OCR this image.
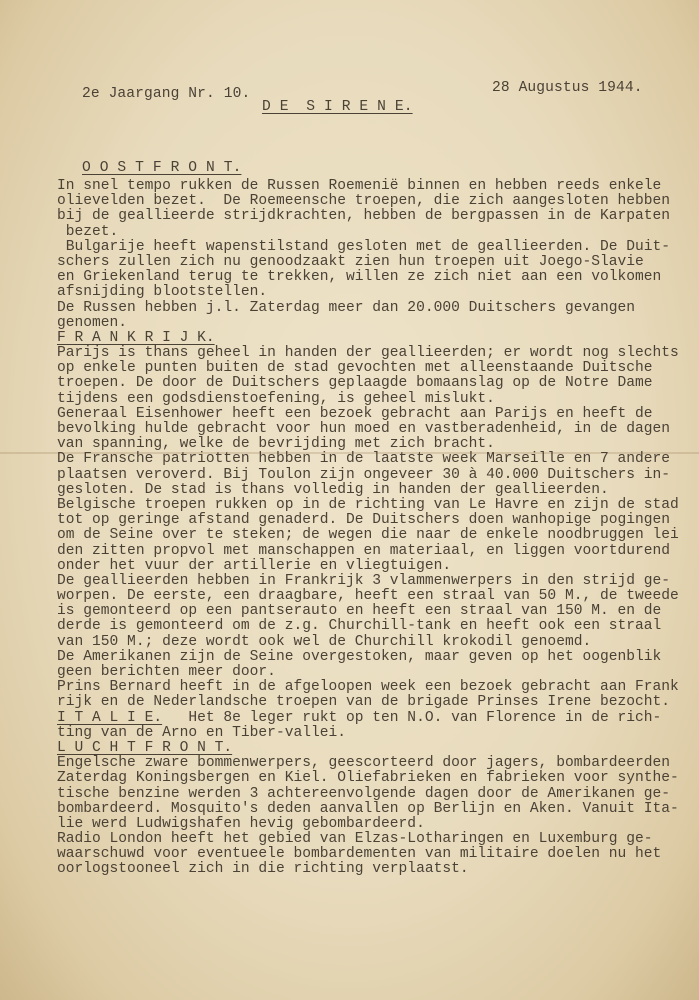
2e Jaargang Nr. 10.	28 Augustus 1944.
D E  S I R E N E.
O O S T F R O N T.
In snel tempo rukken de Russen Roemenië binnen en hebben reeds enkele
olievelden bezet.  De Roemeensche troepen, die zich aangesloten hebben
bij de geallieerde strijdkrachten, hebben de bergpassen in de Karpaten
bezet.
Bulgarije heeft wapenstilstand gesloten met de geallieerden. De Duit-
schers zullen zich nu genoodzaakt zien hun troepen uit Joego-Slavie
en Griekenland terug te trekken, willen ze zich niet aan een volkomen
afsnijding blootstellen.
De Russen hebben j.l. Zaterdag meer dan 20.000 Duitschers gevangen
genomen.
F R A N K R I J K.
Parijs is thans geheel in handen der geallieerden; er wordt nog slechts
op enkele punten buiten de stad gevochten met alleenstaande Duitsche
troepen. De door de Duitschers geplaagde bomaanslag op de Notre Dame
tijdens een godsdienstoefening, is geheel mislukt.
Generaal Eisenhower heeft een bezoek gebracht aan Parijs en heeft de
bevolking hulde gebracht voor hun moed en vastberadenheid, in de dagen
van spanning, welke de bevrijding met zich bracht.
De Fransche patriotten hebben in de laatste week Marseille en 7 andere
plaatsen veroverd. Bij Toulon zijn ongeveer 30 à 40.000 Duitschers in-
gesloten. De stad is thans volledig in handen der geallieerden.
Belgische troepen rukken op in de richting van Le Havre en zijn de stad
tot op geringe afstand genaderd. De Duitschers doen wanhopige pogingen
om de Seine over te steken; de wegen die naar de enkele noodbruggen lei
den zitten propvol met manschappen en materiaal, en liggen voortdurend
onder het vuur der artillerie en vliegtuigen.
De geallieerden hebben in Frankrijk 3 vlammenwerpers in den strijd ge-
worpen. De eerste, een draagbare, heeft een straal van 50 M., de tweede
is gemonteerd op een pantserauto en heeft een straal van 150 M. en de
derde is gemonteerd om de z.g. Churchill-tank en heeft ook een straal
van 150 M.; deze wordt ook wel de Churchill krokodil genoemd.
De Amerikanen zijn de Seine overgestoken, maar geven op het oogenblik
geen berichten meer door.
Prins Bernard heeft in de afgeloopen week een bezoek gebracht aan Frank
rijk en de Nederlandsche troepen van de brigade Prinses Irene bezocht.
I T A L I E.   Het 8e leger rukt op ten N.O. van Florence in de rich-
ting van de Arno en Tiber-vallei.
L U C H T F R O N T.
Engelsche zware bommenwerpers, geescorteerd door jagers, bombardeerden
Zaterdag Koningsbergen en Kiel. Oliefabrieken en fabrieken voor synthe-
tische benzine werden 3 achtereenvolgende dagen door de Amerikanen ge-
bombardeerd. Mosquito's deden aanvallen op Berlijn en Aken. Vanuit Ita-
lie werd Ludwigshafen hevig gebombardeerd.
Radio London heeft het gebied van Elzas-Lotharingen en Luxemburg ge-
waarschuwd voor eventueele bombardementen van militaire doelen nu het
oorlogstooneel zich in die richting verplaatst.
